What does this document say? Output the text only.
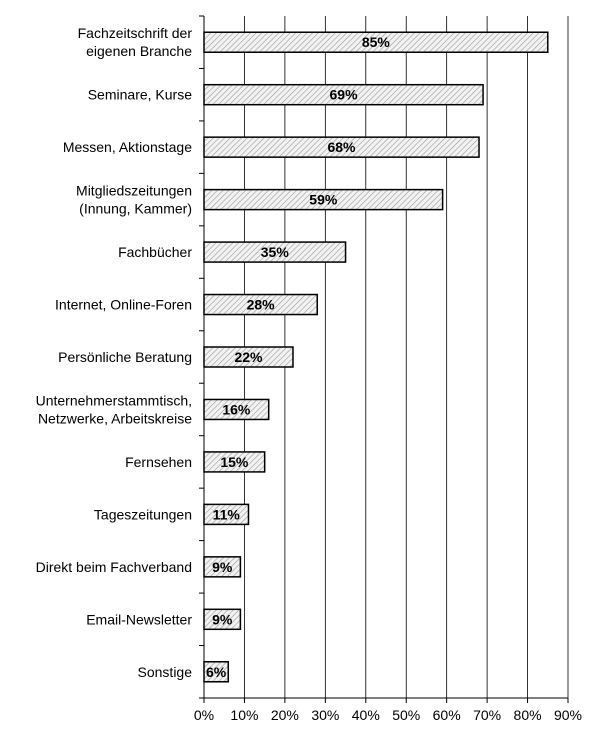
85%
69%
68%
59%
35%
28%
22%
16%
15%
11%
9%
9%
6%
0% 10% 20% 30% 40% 50% 60% 70% 80% 90%
Fachzeitschrift der eigenen Branche
Seminare, Kurse
Messen, Aktionstage
Mitgliedszeitungen (Innung, Kammer)
Fachbücher
Internet, Online-Foren
Persönliche Beratung
Unternehmerstammtisch, Netzwerke, Arbeitskreise
Fernsehen
Tageszeitungen
Direkt beim Fachverband
Email-Newsletter
Sonstige
